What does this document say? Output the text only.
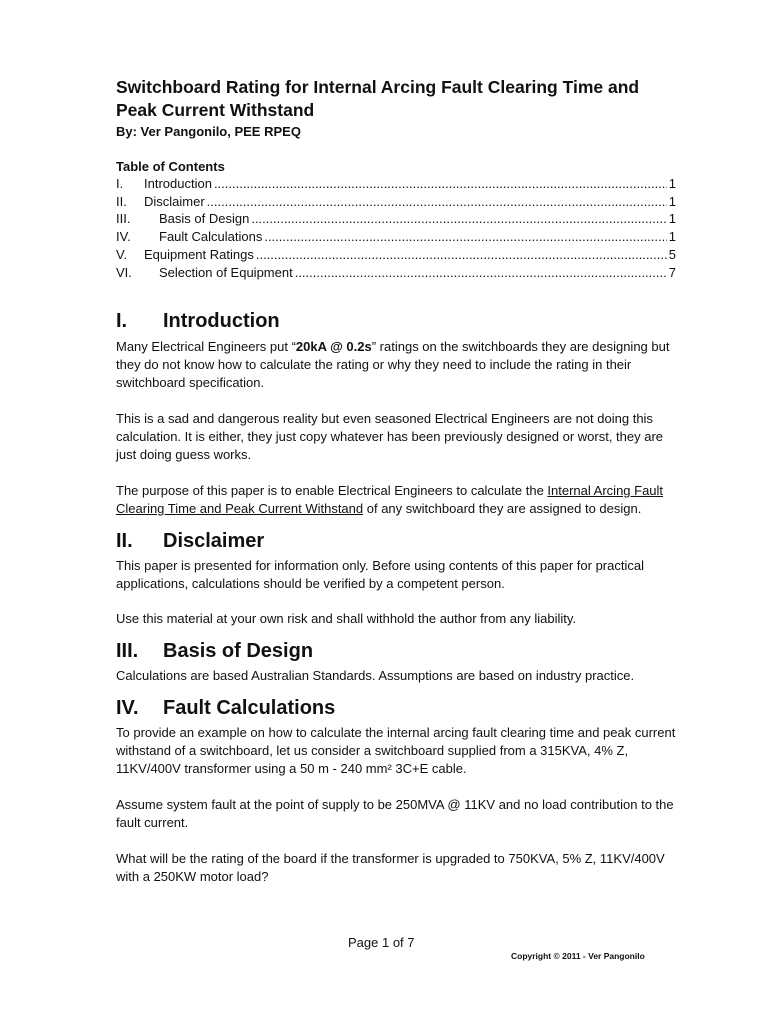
Switchboard Rating for Internal Arcing Fault Clearing Time and Peak Current Withstand
By: Ver Pangonilo, PEE RPEQ
Table of Contents
I.	Introduction .....	1
II.	Disclaimer .....	1
III.	Basis of Design .....	1
IV.	Fault Calculations .....	1
V.	Equipment Ratings .....	5
VI.	Selection of Equipment .....	7
I.	Introduction

Many Electrical Engineers put “20kA @ 0.2s” ratings on the switchboards they are designing but they do not know how to calculate the rating or why they need to include the rating in their switchboard specification.

This is a sad and dangerous reality but even seasoned Electrical Engineers are not doing this calculation. It is either, they just copy whatever has been previously designed or worst, they are just doing guess works.

The purpose of this paper is to enable Electrical Engineers to calculate the Internal Arcing Fault Clearing Time and Peak Current Withstand of any switchboard they are assigned to design.

II.	Disclaimer

This paper is presented for information only. Before using contents of this paper for practical applications, calculations should be verified by a competent person.

Use this material at your own risk and shall withhold the author from any liability.

III.	Basis of Design

Calculations are based Australian Standards. Assumptions are based on industry practice.

IV.	Fault Calculations

To provide an example on how to calculate the internal arcing fault clearing time and peak current withstand of a switchboard, let us consider a switchboard supplied from a 315KVA, 4% Z, 11KV/400V transformer using a 50 m - 240 mm² 3C+E cable.

Assume system fault at the point of supply to be 250MVA @ 11KV and no load contribution to the fault current.

What will be the rating of the board if the transformer is upgraded to 750KVA, 5% Z, 11KV/400V with a 250KW motor load?

Page 1 of 7
Copyright © 2011 - Ver Pangonilo
